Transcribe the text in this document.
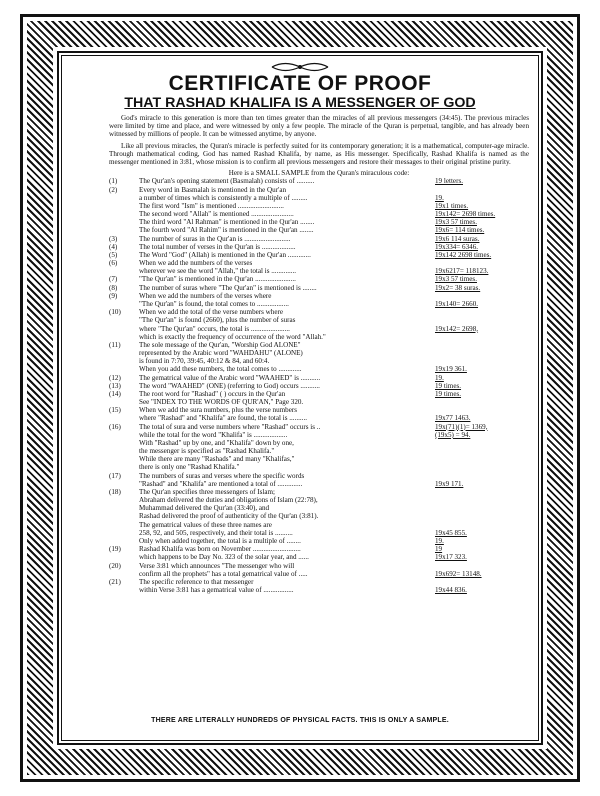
CERTIFICATE OF PROOF
THAT RASHAD KHALIFA IS A MESSENGER OF GOD

God's miracle to this generation is more than ten times greater than the miracles of all previous messengers (34:45). The previous miracles were limited by time and place, and were witnessed by only a few people. The miracle of the Quran is perpetual, tangible, and has already been witnessed by millions of people. It can be witnessed anytime, by anyone.

Like all previous miracles, the Quran's miracle is perfectly suited for its contemporary generation; it is a mathematical, computer-age miracle. Through mathematical coding, God has named Rashad Khalifa, by name, as His messenger. Specifically, Rashad Khalifa is named as the messenger mentioned in 3:81, whose mission is to confirm all previous messengers and restore their messages to their original pristine purity.

Here is a SMALL SAMPLE from the Quran's miraculous code:

(1)	The Qur'an's opening statement (Basmalah) consists of ..........	19 letters.
(2)	Every word in Basmalah is mentioned in the Qur'an
a number of times which is consistently a multiple of .........	19.
The first word "Ism" is mentioned ..........................	19x1 times.
The second word "Allah" is mentioned ........................	19x142= 2698 times.
The third word "Al Rahman" is mentioned in the Qur'an ........	19x3 57 times.
The fourth word "Al Rahim" is mentioned in the Qur'an ........	19x6= 114 times.
(3)	The number of suras in the Qur'an is ..........................	19x6 114 suras.
(4)	The total number of verses in the Qur'an is ...................	19x334= 6346.
(5)	The Word "God" (Allah) is mentioned in the Qur'an .............	19x142 2698 times.
(6)	When we add the numbers of the verses
wherever we see the word "Allah," the total is ..............	19x6217= 118123.
(7)	"The Qur'an" is mentioned in the Qur'an .......................	19x3 57 times.
(8)	The number of suras where "The Qur'an" is mentioned is ........	19x2= 38 suras.
(9)	When we add the numbers of the verses where
"The Qur'an" is found, the total comes to ..................	19x140= 2660.
(10)	When we add the total of the verse numbers where
"The Qur'an" is found (2660), plus the number of suras
where "The Qur'an" occurs, the total is ......................	19x142= 2698,
which is exactly the frequency of occurrence of the word "Allah."
(11)	The sole message of the Qur'an, "Worship God ALONE"
represented by the Arabic word "WAHDAHU" (ALONE)
is found in 7:70, 39:45, 40:12 & 84, and 60:4.
When you add these numbers, the total comes to .............	19x19 361.
(12)	The gematrical value of the Arabic word "WAAHED" is ...........	19.
(13)	The word "WAAHED" (ONE) (referring to God) occurs ...........	19 times.
(14)	The root word for "Rashad" ( ) occurs in the Qur'an	19 times.
See "INDEX TO THE WORDS OF QUR'AN," Page 320.
(15)	When we add the sura numbers, plus the verse numbers
where "Rashad" and "Khalifa" are found, the total is ..........	19x77 1463.
(16)	The total of sura and verse numbers where "Rashad" occurs is ..	19x(71)(1)= 1369,
while the total for the word "Khalifa" is ...................	(19x5) = 94.
With "Rashad" up by one, and "Khalifa" down by one,
the messenger is specified as "Rashad Khalifa."
While there are many "Rashads" and many "Khalifas,"
there is only one "Rashad Khalifa."
(17)	The numbers of suras and verses where the specific words
"Rashad" and "Khalifa" are mentioned a total of ..............	19x9 171.
(18)	The Qur'an specifies three messengers of Islam;
Abraham delivered the duties and obligations of Islam (22:78),
Muhammad delivered the Qur'an (33:40), and
Rashad delivered the proof of authenticity of the Qur'an (3:81).
The gematrical values of these three names are
258, 92, and 505, respectively, and their total is ..........	19x45 855.
Only when added together, the total is a multiple of ........	19.
(19)	Rashad Khalifa was born on November ...........................	19
which happens to be Day No. 323 of the solar year, and ......	19x17 323.
(20)	Verse 3:81 which announces "The messenger who will
confirm all the prophets" has a total gematrical value of .....	19x692= 13148.
(21)	The specific reference to that messenger
within Verse 3:81 has a gematrical value of .................	19x44 836.

THERE ARE LITERALLY HUNDREDS OF PHYSICAL FACTS. THIS IS ONLY A SAMPLE.
